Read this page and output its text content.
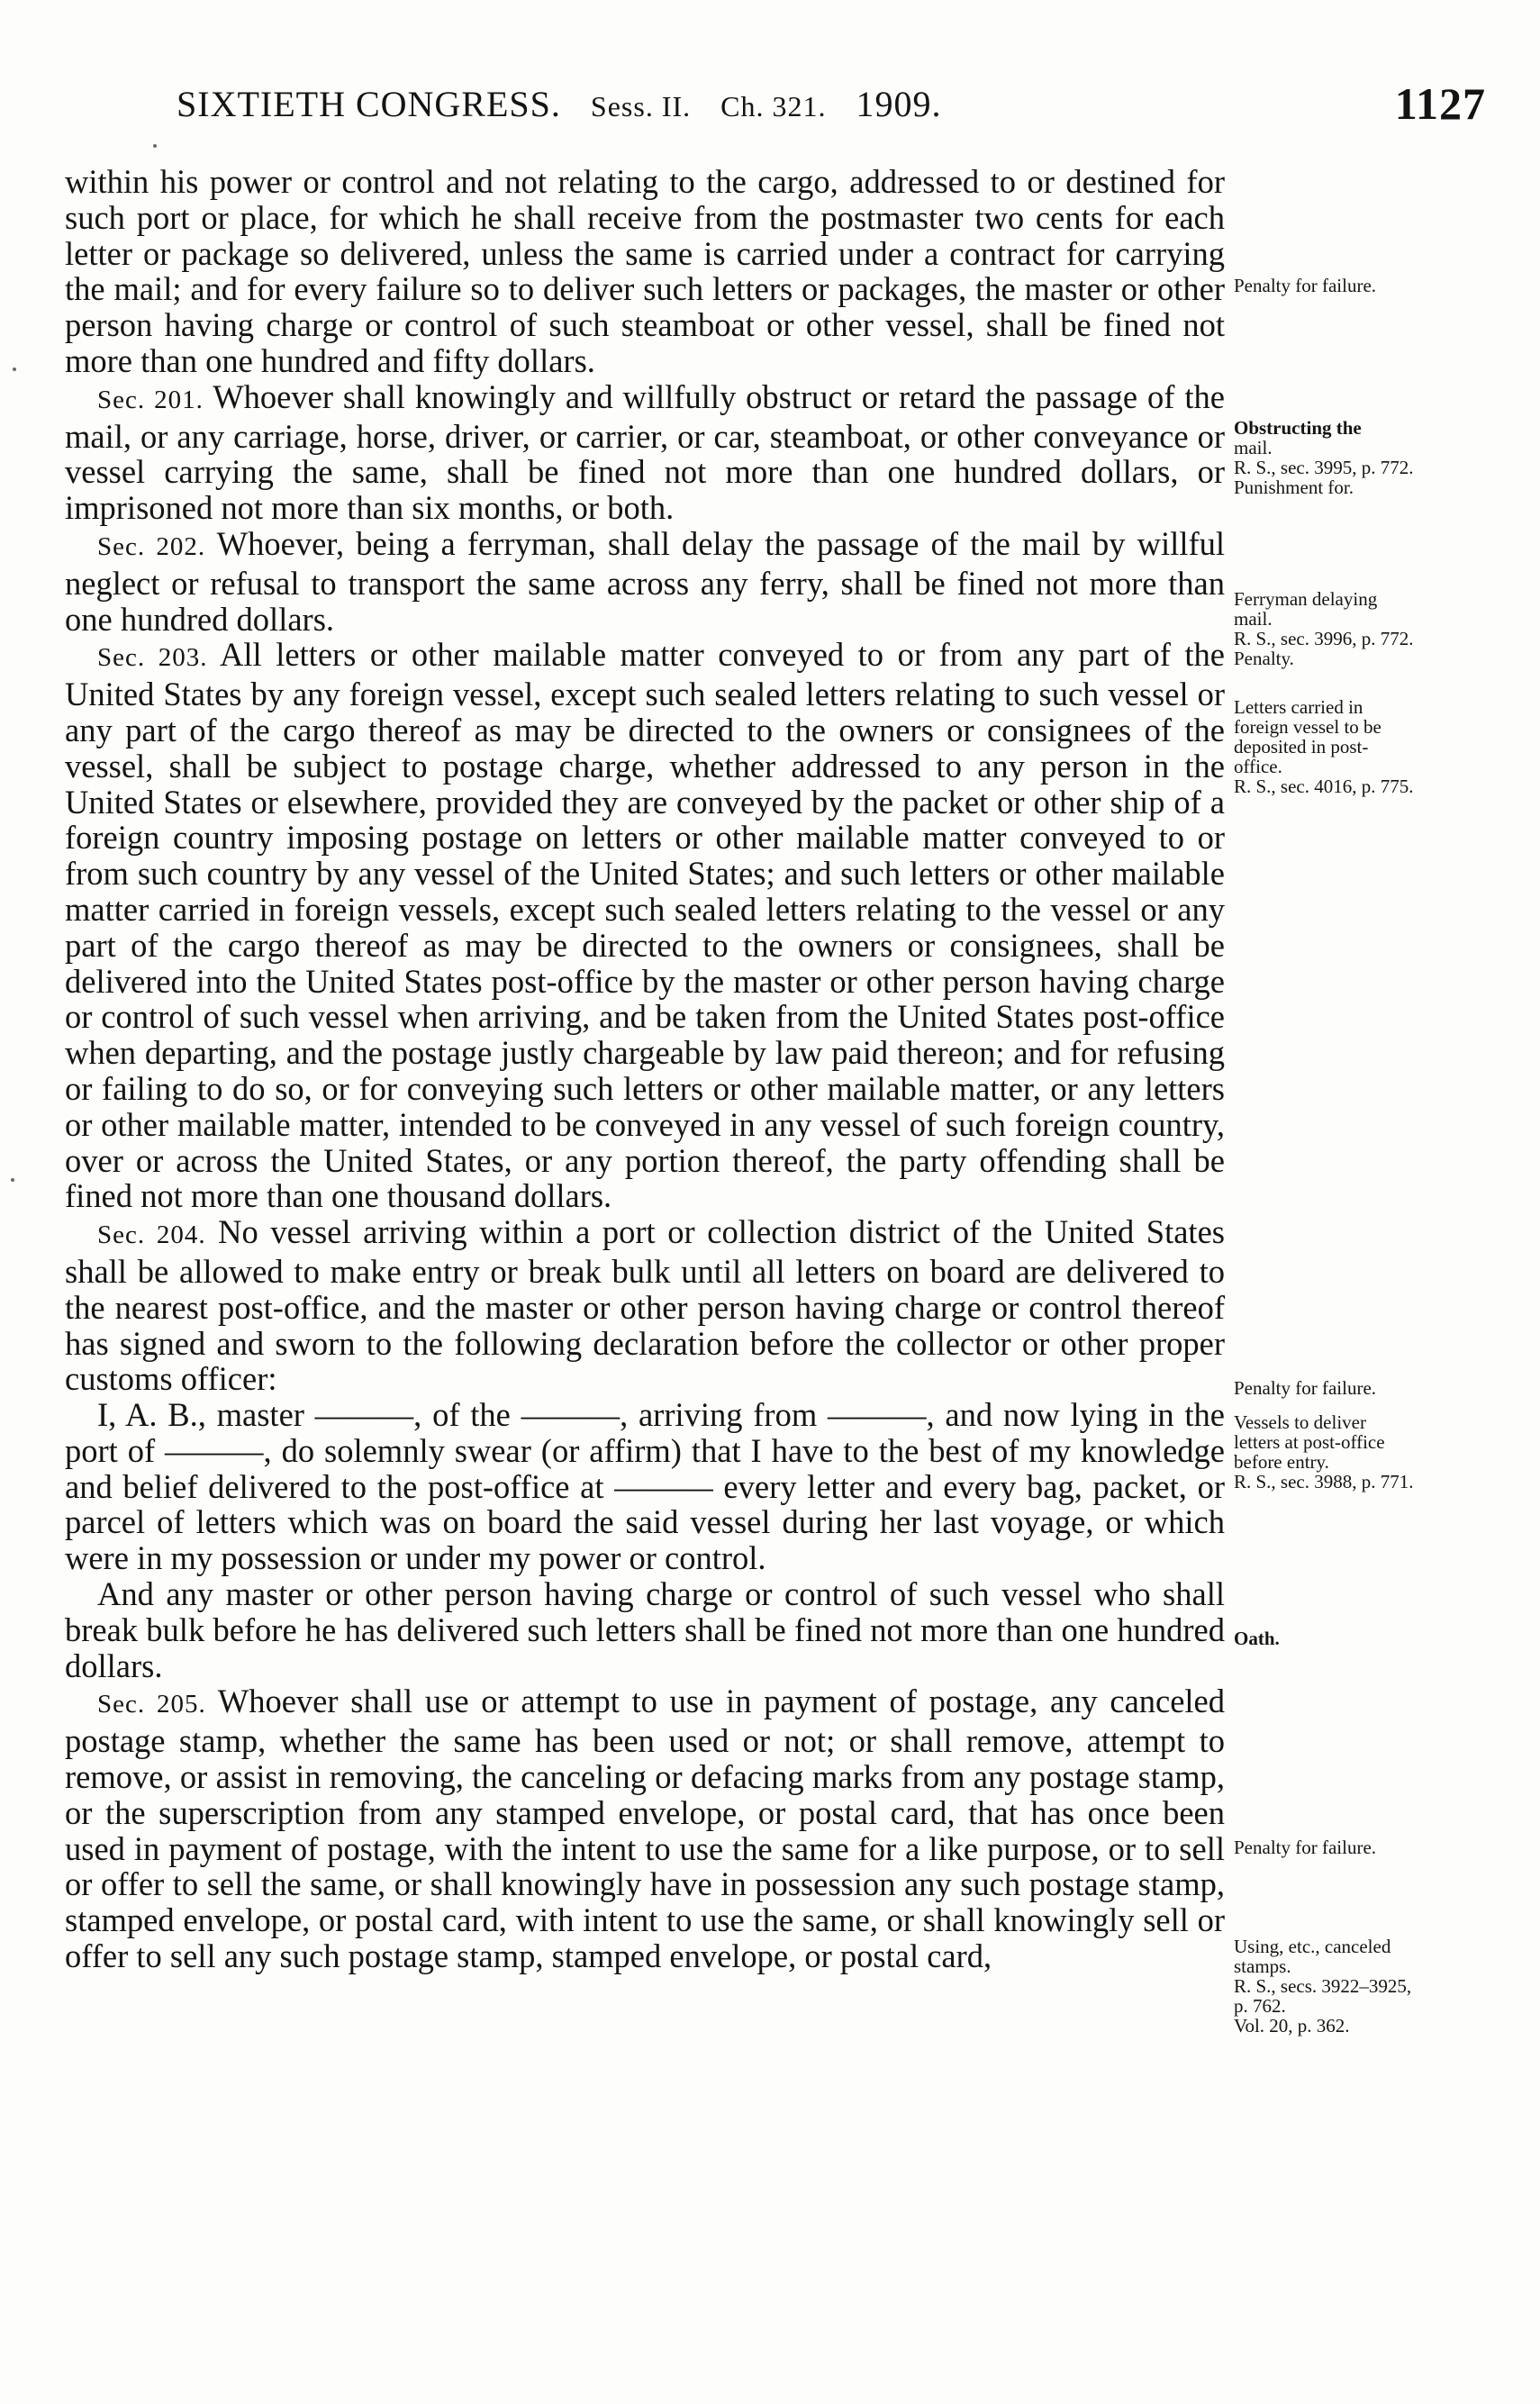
SIXTIETH CONGRESS. Sess. II. Ch. 321. 1909.	1127

within his power or control and not relating to the cargo, addressed to or destined for such port or place, for which he shall receive from the postmaster two cents for each letter or package so delivered, unless the same is carried under a contract for carrying the mail; and for every failure so to deliver such letters or packages, the master or other person having charge or control of such steamboat or other vessel, shall be fined not more than one hundred and fifty dollars.

Sec. 201. Whoever shall knowingly and willfully obstruct or retard the passage of the mail, or any carriage, horse, driver, or carrier, or car, steamboat, or other conveyance or vessel carrying the same, shall be fined not more than one hundred dollars, or imprisoned not more than six months, or both.

Sec. 202. Whoever, being a ferryman, shall delay the passage of the mail by willful neglect or refusal to transport the same across any ferry, shall be fined not more than one hundred dollars.

Sec. 203. All letters or other mailable matter conveyed to or from any part of the United States by any foreign vessel, except such sealed letters relating to such vessel or any part of the cargo thereof as may be directed to the owners or consignees of the vessel, shall be subject to postage charge, whether addressed to any person in the United States or elsewhere, provided they are conveyed by the packet or other ship of a foreign country imposing postage on letters or other mailable matter conveyed to or from such country by any vessel of the United States; and such letters or other mailable matter carried in foreign vessels, except such sealed letters relating to the vessel or any part of the cargo thereof as may be directed to the owners or consignees, shall be delivered into the United States post-office by the master or other person having charge or control of such vessel when arriving, and be taken from the United States post-office when departing, and the postage justly chargeable by law paid thereon; and for refusing or failing to do so, or for conveying such letters or other mailable matter, or any letters or other mailable matter, intended to be conveyed in any vessel of such foreign country, over or across the United States, or any portion thereof, the party offending shall be fined not more than one thousand dollars.

Sec. 204. No vessel arriving within a port or collection district of the United States shall be allowed to make entry or break bulk until all letters on board are delivered to the nearest post-office, and the master or other person having charge or control thereof has signed and sworn to the following declaration before the collector or other proper customs officer:

I, A. B., master ———, of the ———, arriving from ———, and now lying in the port of ———, do solemnly swear (or affirm) that I have to the best of my knowledge and belief delivered to the post-office at ——— every letter and every bag, packet, or parcel of letters which was on board the said vessel during her last voyage, or which were in my possession or under my power or control.

And any master or other person having charge or control of such vessel who shall break bulk before he has delivered such letters shall be fined not more than one hundred dollars.

Sec. 205. Whoever shall use or attempt to use in payment of postage, any canceled postage stamp, whether the same has been used or not; or shall remove, attempt to remove, or assist in removing, the canceling or defacing marks from any postage stamp, or the superscription from any stamped envelope, or postal card, that has once been used in payment of postage, with the intent to use the same for a like purpose, or to sell or offer to sell the same, or shall knowingly have in possession any such postage stamp, stamped envelope, or postal card, with intent to use the same, or shall knowingly sell or offer to sell any such postage stamp, stamped envelope, or postal card,

Penalty for failure.
Obstructing the
mail.
R. S., sec. 3995, p. 772.
Punishment for.
Ferryman delaying
mail.
R. S., sec. 3996, p. 772.
Penalty.
Letters carried in
foreign vessel to be
deposited in post-
office.
R. S., sec. 4016, p. 775.
Penalty for failure.
Vessels to deliver
letters at post-office
before entry.
R. S., sec. 3988, p. 771.
Oath.
Penalty for failure.
Using, etc., canceled
stamps.
R. S., secs. 3922–3925,
p. 762.
Vol. 20, p. 362.
